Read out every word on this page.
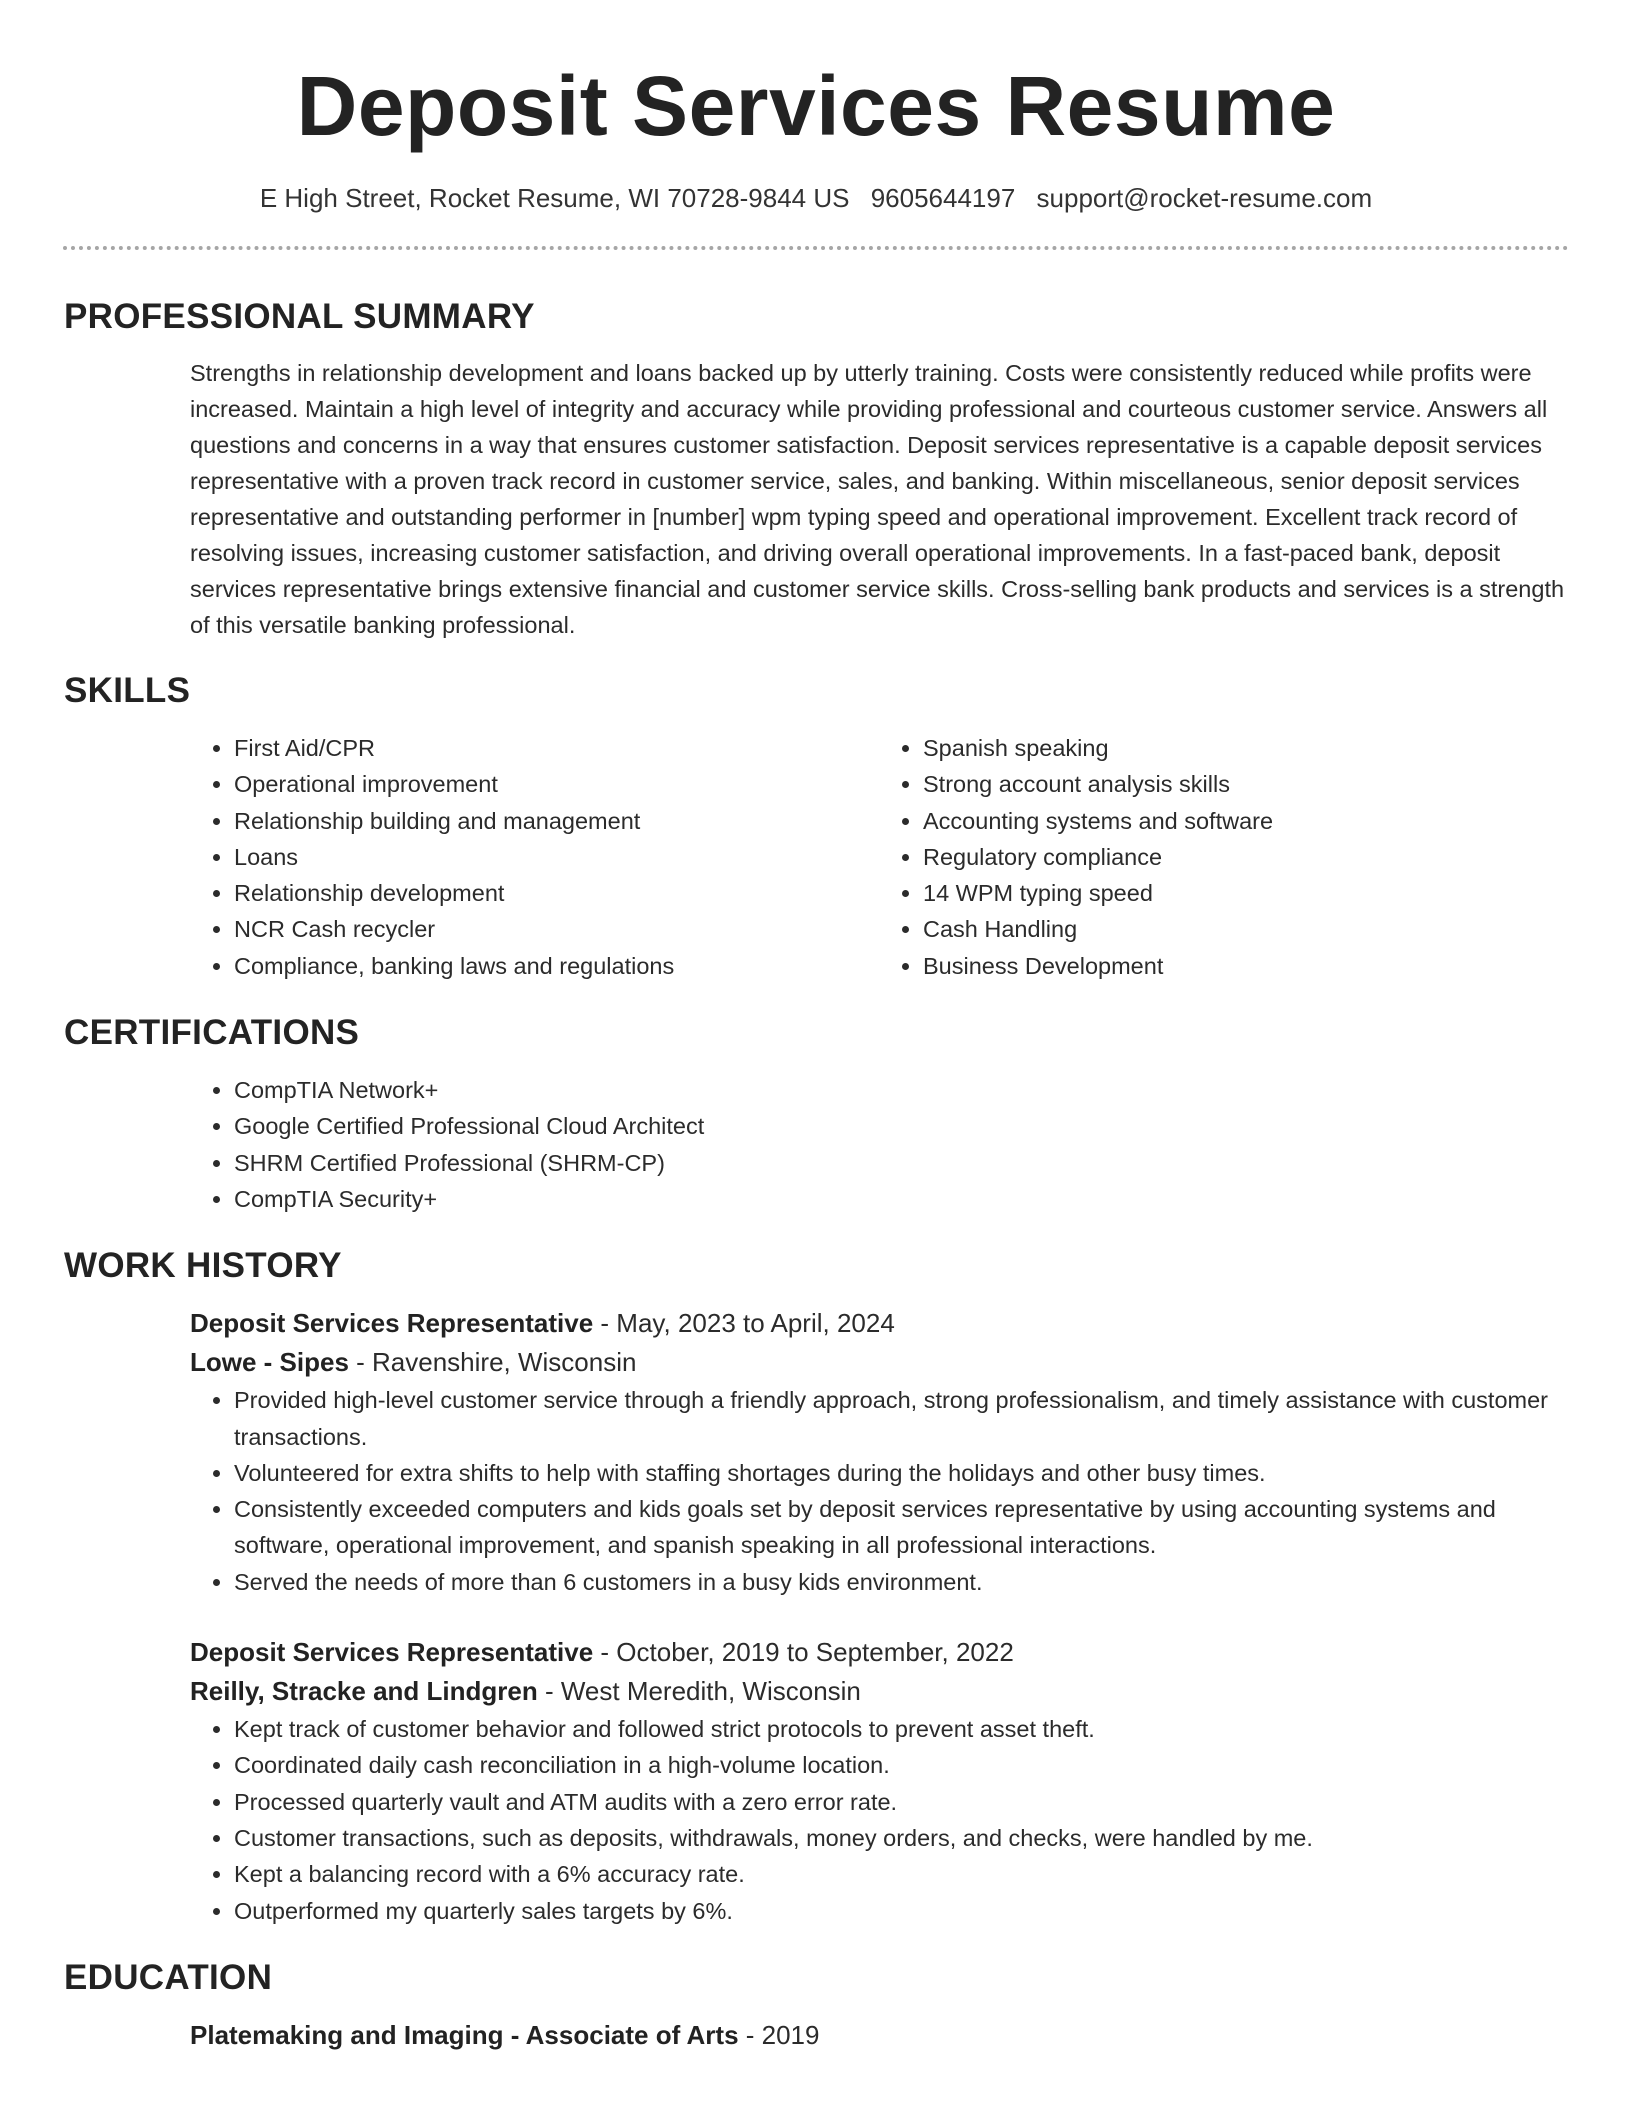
Deposit Services Resume
E High Street, Rocket Resume, WI 70728-9844 US 9605644197 support@rocket-resume.com
PROFESSIONAL SUMMARY

Strengths in relationship development and loans backed up by utterly training. Costs were consistently reduced while profits were increased. Maintain a high level of integrity and accuracy while providing professional and courteous customer service. Answers all questions and concerns in a way that ensures customer satisfaction. Deposit services representative is a capable deposit services representative with a proven track record in customer service, sales, and banking. Within miscellaneous, senior deposit services representative and outstanding performer in [number] wpm typing speed and operational improvement. Excellent track record of resolving issues, increasing customer satisfaction, and driving overall operational improvements. In a fast-paced bank, deposit services representative brings extensive financial and customer service skills. Cross-selling bank products and services is a strength of this versatile banking professional.

SKILLS
• First Aid/CPR
• Operational improvement
• Relationship building and management
• Loans
• Relationship development
• NCR Cash recycler
• Compliance, banking laws and regulations
• Spanish speaking
• Strong account analysis skills
• Accounting systems and software
• Regulatory compliance
• 14 WPM typing speed
• Cash Handling
• Business Development
CERTIFICATIONS
• CompTIA Network+
• Google Certified Professional Cloud Architect
• SHRM Certified Professional (SHRM-CP)
• CompTIA Security+
WORK HISTORY
Deposit Services Representative - May, 2023 to April, 2024
Lowe - Sipes - Ravenshire, Wisconsin
• Provided high-level customer service through a friendly approach, strong professionalism, and timely assistance with customer transactions.
• Volunteered for extra shifts to help with staffing shortages during the holidays and other busy times.
• Consistently exceeded computers and kids goals set by deposit services representative by using accounting systems and software, operational improvement, and spanish speaking in all professional interactions.
• Served the needs of more than 6 customers in a busy kids environment.
Deposit Services Representative - October, 2019 to September, 2022
Reilly, Stracke and Lindgren - West Meredith, Wisconsin
• Kept track of customer behavior and followed strict protocols to prevent asset theft.
• Coordinated daily cash reconciliation in a high-volume location.
• Processed quarterly vault and ATM audits with a zero error rate.
• Customer transactions, such as deposits, withdrawals, money orders, and checks, were handled by me.
• Kept a balancing record with a 6% accuracy rate.
• Outperformed my quarterly sales targets by 6%.
EDUCATION
Platemaking and Imaging - Associate of Arts - 2019
